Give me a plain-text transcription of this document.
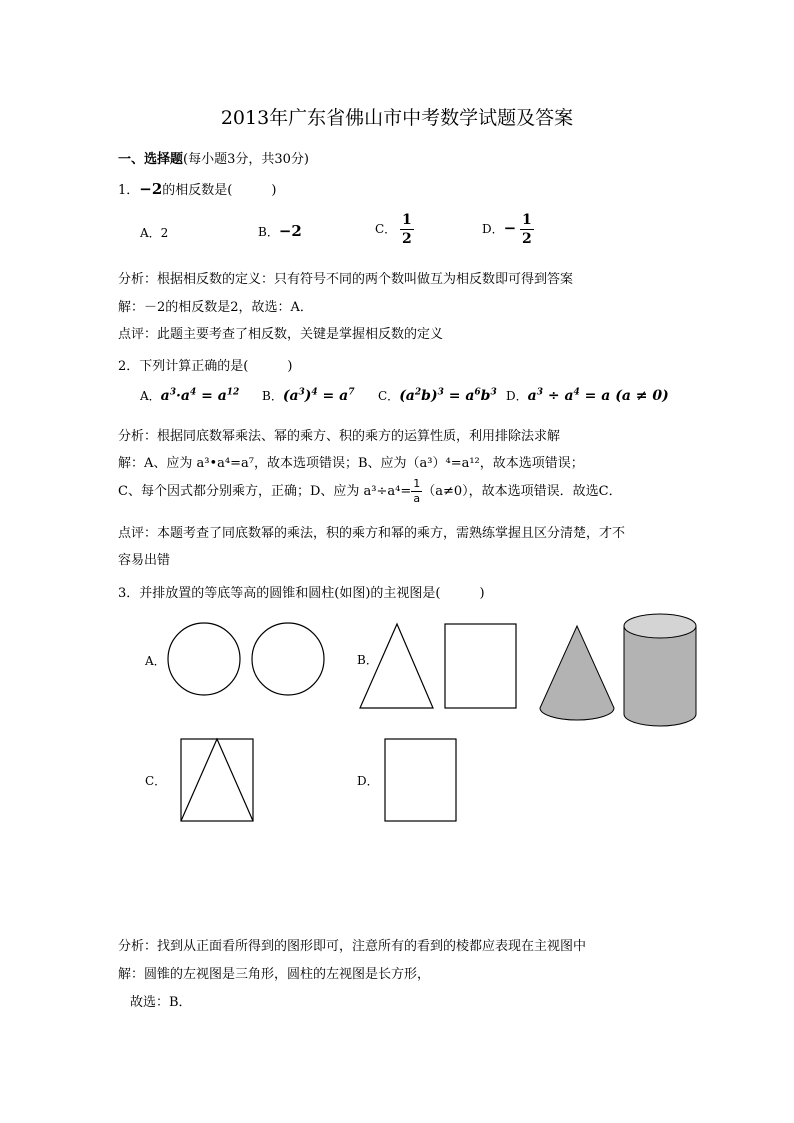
2013年广东省佛山市中考数学试题及答案
一、选择题(每小题3分，共30分)
1．−2的相反数是(　　　)
A．2	B．−2	C． $\frac{1}{2}$	D．− $\frac{1}{2}$
分析：根据相反数的定义：只有符号不同的两个数叫做互为相反数即可得到答案
解：－2的相反数是2，故选：A．
点评：此题主要考查了相反数，关键是掌握相反数的定义
2．下列计算正确的是(　　　)
A．$a^3\cdot a^4 = a^{12}$ B．$(a^3)^4 = a^7$ C．$(a^2b)^3 = a^6b^3$ D．$a^3 \div a^4 = a$ (a ≠ 0)
分析：根据同底数幂乘法、幂的乘方、积的乘方的运算性质，利用排除法求解
解：A、应为 a³•a⁴=a⁷，故本选项错误；B、应为（a³）⁴=a¹²，故本选项错误；
C、每个因式都分别乘方，正确；D、应为 $a^3\div a^4= \frac{1}{a} (a\ne 0)$，故本选项错误．故选C．
点评：本题考查了同底数幂的乘法，积的乘方和幂的乘方，需熟练掌握且区分清楚，才不
容易出错
3．并排放置的等底等高的圆锥和圆柱(如图)的主视图是(　　　)
A．	B．
C．	D．
分析：找到从正面看所得到的图形即可，注意所有的看到的棱都应表现在主视图中
解：圆锥的左视图是三角形，圆柱的左视图是长方形，
故选：B．
